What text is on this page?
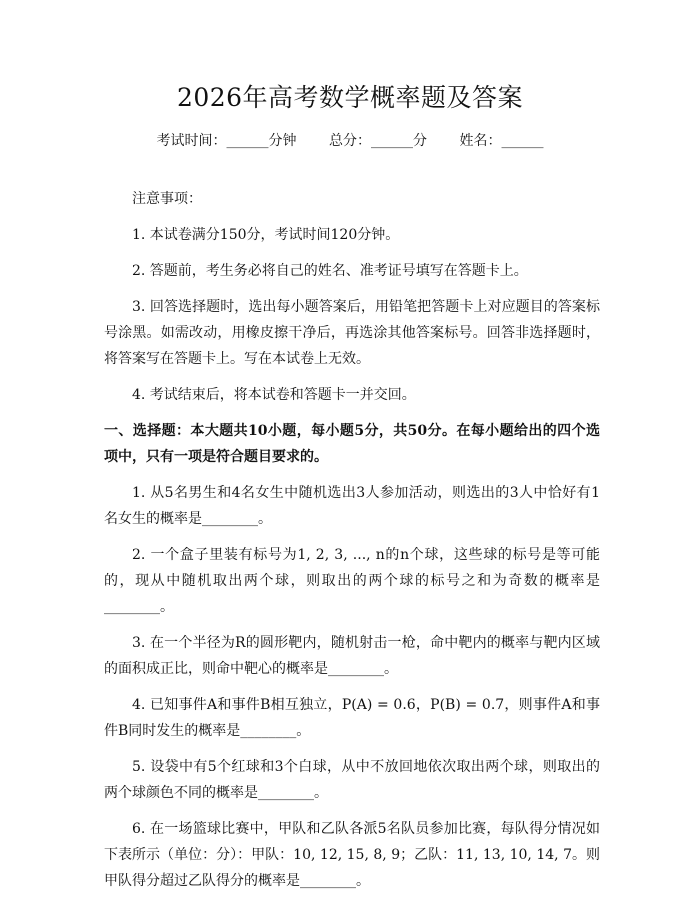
2026年高考数学概率题及答案
考试时间：______分钟 总分：______分 姓名：______
注意事项：
1. 本试卷满分150分，考试时间120分钟。
2. 答题前，考生务必将自己的姓名、准考证号填写在答题卡上。
3. 回答选择题时，选出每小题答案后，用铅笔把答题卡上对应题目的答案标号涂黑。如需改动，用橡皮擦干净后，再选涂其他答案标号。回答非选择题时，将答案写在答题卡上。写在本试卷上无效。
4. 考试结束后，将本试卷和答题卡一并交回。
一、选择题：本大题共10小题，每小题5分，共50分。在每小题给出的四个选项中，只有一项是符合题目要求的。
1. 从5名男生和4名女生中随机选出3人参加活动，则选出的3人中恰好有1名女生的概率是________。
2. 一个盒子里装有标号为1, 2, 3, ..., n的n个球，这些球的标号是等可能的，现从中随机取出两个球，则取出的两个球的标号之和为奇数的概率是________。
3. 在一个半径为R的圆形靶内，随机射击一枪，命中靶内的概率与靶内区域的面积成正比，则命中靶心的概率是________。
4. 已知事件A和事件B相互独立，P(A) = 0.6，P(B) = 0.7，则事件A和事件B同时发生的概率是________。
5. 设袋中有5个红球和3个白球，从中不放回地依次取出两个球，则取出的两个球颜色不同的概率是________。
6. 在一场篮球比赛中，甲队和乙队各派5名队员参加比赛，每队得分情况如下表所示（单位：分）：甲队：10, 12, 15, 8, 9；乙队：11, 13, 10, 14, 7。则甲队得分超过乙队得分的概率是________。
